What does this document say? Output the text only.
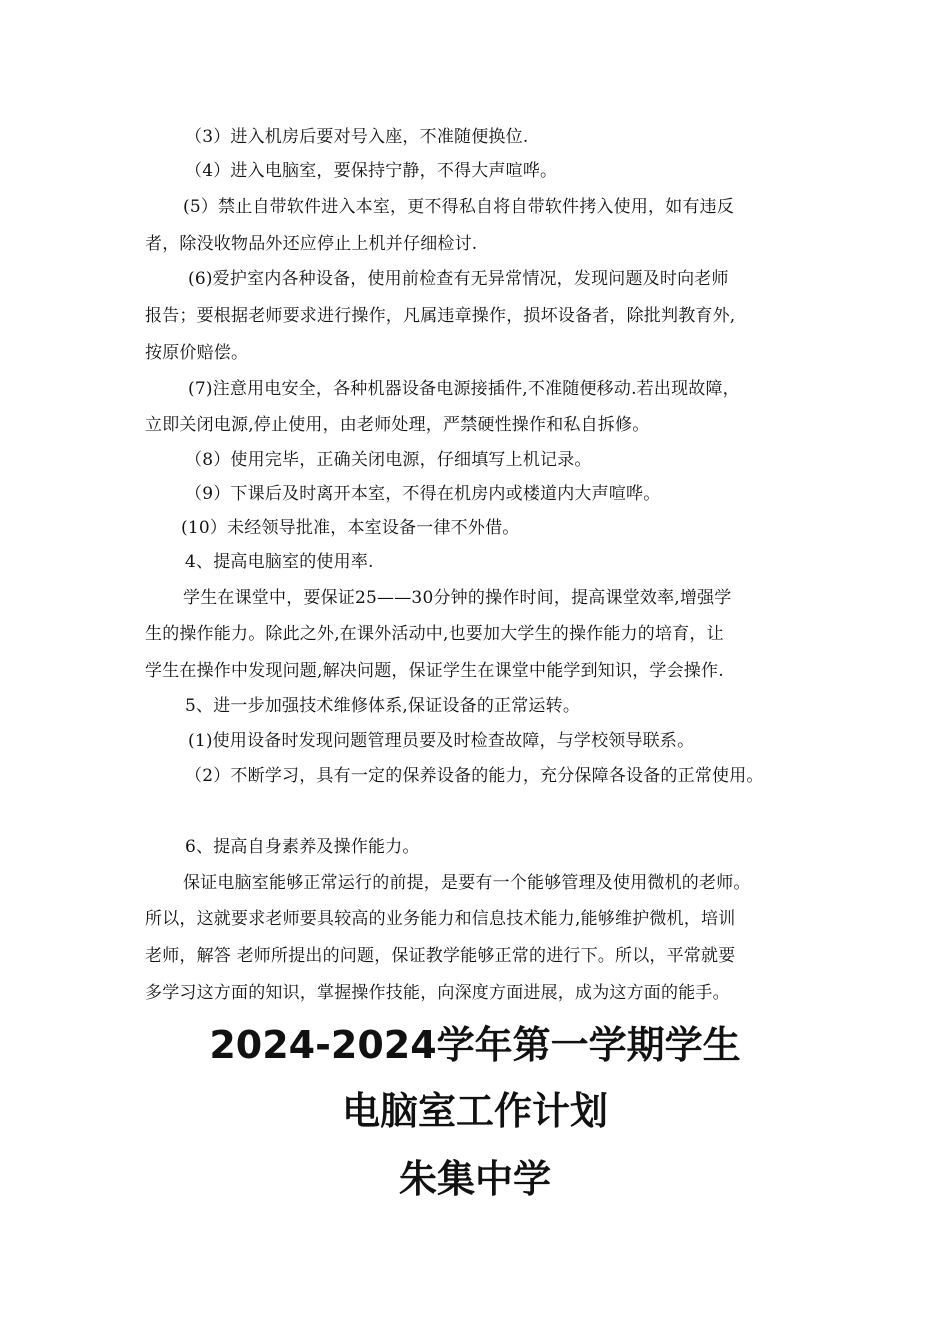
（3）进入机房后要对号入座，不准随便换位.
（4）进入电脑室，要保持宁静，不得大声喧哗。
(5）禁止自带软件进入本室，更不得私自将自带软件拷入使用，如有违反
者，除没收物品外还应停止上机并仔细检讨.
(6)爱护室内各种设备，使用前检查有无异常情况，发现问题及时向老师
报告；要根据老师要求进行操作，凡属违章操作，损坏设备者，除批判教育外,
按原价赔偿。
(7)注意用电安全，各种机器设备电源接插件,不准随便移动.若出现故障，
立即关闭电源,停止使用，由老师处理，严禁硬性操作和私自拆修。
（8）使用完毕，正确关闭电源，仔细填写上机记录。
（9）下课后及时离开本室，不得在机房内或楼道内大声喧哗。
(10）未经领导批准，本室设备一律不外借。
4、提高电脑室的使用率.
学生在课堂中，要保证25——30分钟的操作时间，提高课堂效率,增强学
生的操作能力。除此之外,在课外活动中,也要加大学生的操作能力的培育，让
学生在操作中发现问题,解决问题，保证学生在课堂中能学到知识，学会操作.
5、进一步加强技术维修体系,保证设备的正常运转。
(1)使用设备时发现问题管理员要及时检查故障，与学校领导联系。
（2）不断学习，具有一定的保养设备的能力，充分保障各设备的正常使用。
6、提高自身素养及操作能力。
保证电脑室能够正常运行的前提，是要有一个能够管理及使用微机的老师。
所以，这就要求老师要具较高的业务能力和信息技术能力,能够维护微机，培训
老师，解答 老师所提出的问题，保证教学能够正常的进行下。所以，平常就要
多学习这方面的知识，掌握操作技能，向深度方面进展，成为这方面的能手。
2024-2024学年第一学期学生
电脑室工作计划
朱集中学
